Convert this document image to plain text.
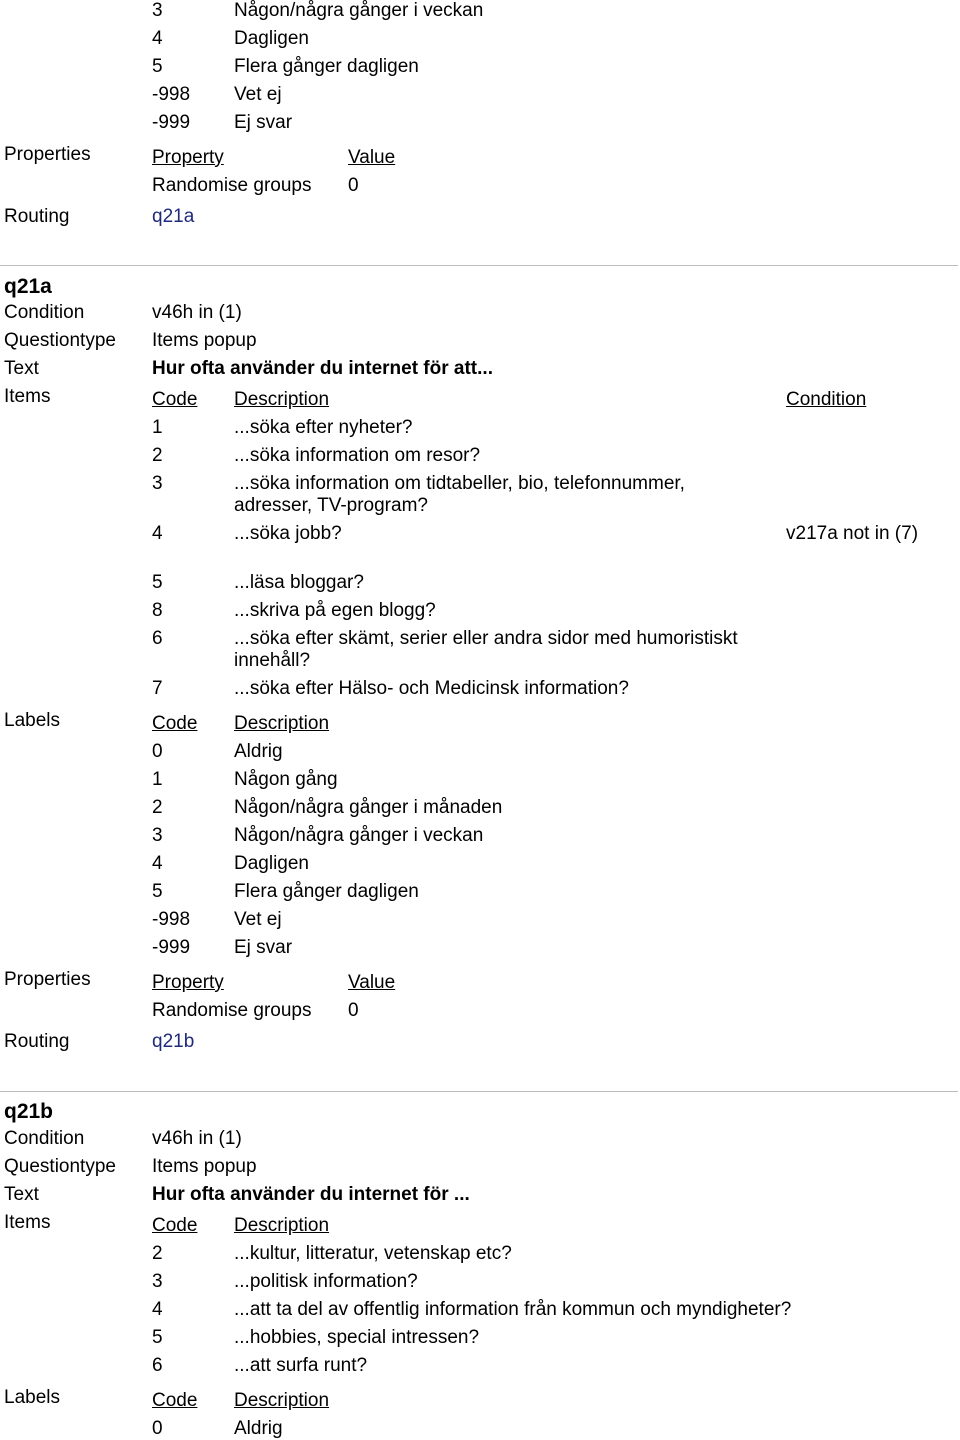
3	Någon/några gånger i veckan
4	Dagligen
5	Flera gånger dagligen
-998 Vet ej
-999 Ej svar
Properties	Property	Value
Randomise groups 0
Routing	q21a
q21a
Condition	v46h in (1)
Questiontype Items popup
Text	Hur ofta använder du internet för att...
Items	Code Description	Condition
1	...söka efter nyheter?
2	...söka information om resor?
3	...söka information om tidtabeller, bio, telefonnummer, adresser, TV-program?
4	...söka jobb?	v217a not in (7)
5	...läsa bloggar?
8	...skriva på egen blogg?
6	...söka efter skämt, serier eller andra sidor med humoristiskt innehåll?
7	...söka efter Hälso- och Medicinsk information?
Labels	Code Description
0	Aldrig
1	Någon gång
2	Någon/några gånger i månaden
3	Någon/några gånger i veckan
4	Dagligen
5	Flera gånger dagligen
-998 Vet ej
-999 Ej svar
Properties	Property	Value
Randomise groups 0
Routing	q21b
q21b
Condition	v46h in (1)
Questiontype Items popup
Text	Hur ofta använder du internet för ...
Items	Code Description
2	...kultur, litteratur, vetenskap etc?
3	...politisk information?
4	...att ta del av offentlig information från kommun och myndigheter?
5	...hobbies, special intressen?
6	...att surfa runt?
Labels	Code Description
0	Aldrig
